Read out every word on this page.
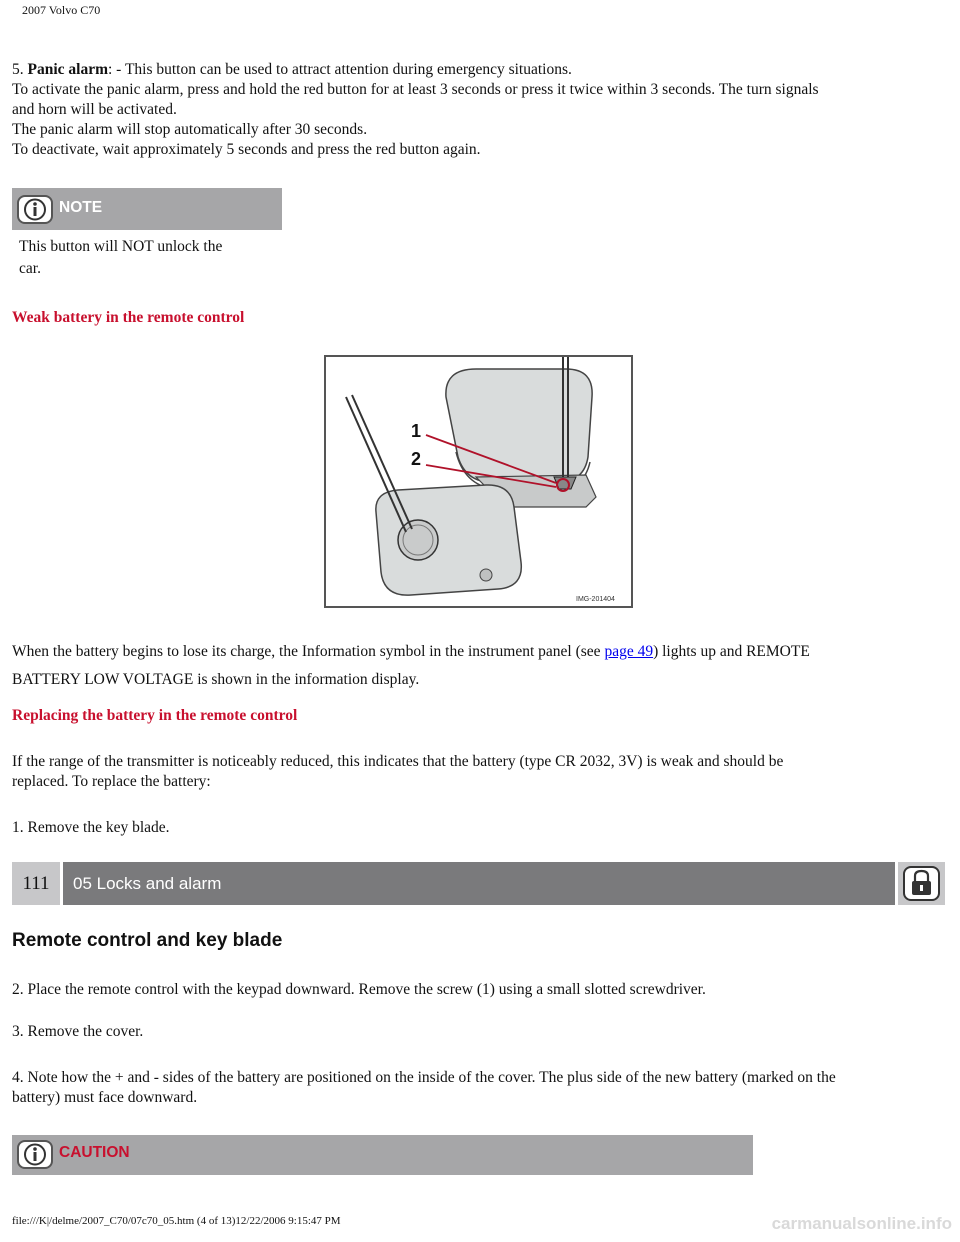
2007 Volvo C70
5. Panic alarm: - This button can be used to attract attention during emergency situations.
To activate the panic alarm, press and hold the red button for at least 3 seconds or press it twice within 3 seconds. The turn signals
and horn will be activated.
The panic alarm will stop automatically after 30 seconds.
To deactivate, wait approximately 5 seconds and press the red button again.
NOTE
This button will NOT unlock the
car.
Weak battery in the remote control
1
2
IMG-201404
When the battery begins to lose its charge, the Information symbol in the instrument panel (see page 49) lights up and REMOTE
BATTERY LOW VOLTAGE is shown in the information display.
Replacing the battery in the remote control
If the range of the transmitter is noticeably reduced, this indicates that the battery (type CR 2032, 3V) is weak and should be
replaced. To replace the battery:
1. Remove the key blade.
111	05 Locks and alarm
Remote control and key blade
2. Place the remote control with the keypad downward. Remove the screw (1) using a small slotted screwdriver.
3. Remove the cover.
4. Note how the + and - sides of the battery are positioned on the inside of the cover. The plus side of the new battery (marked on the
battery) must face downward.
CAUTION
file:///K|/delme/2007_C70/07c70_05.htm (4 of 13)12/22/2006 9:15:47 PM	carmanualsonline.info
